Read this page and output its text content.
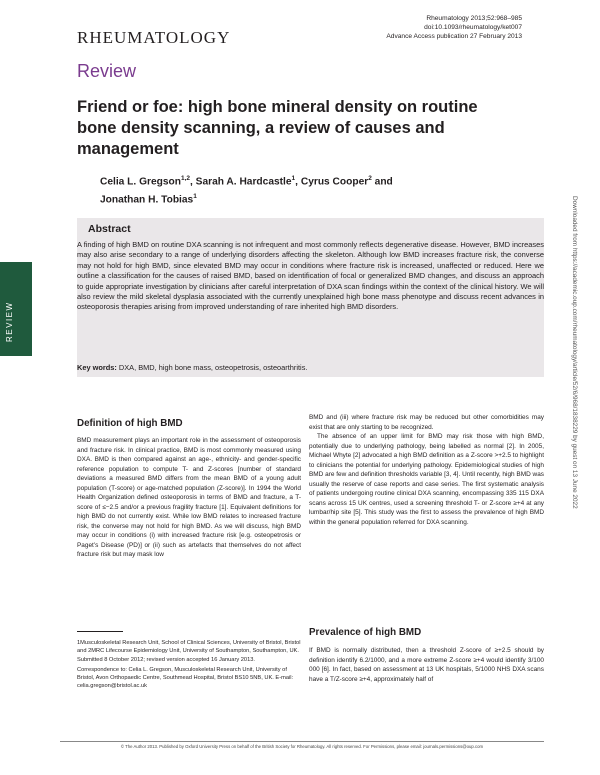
RHEUMATOLOGY
Rheumatology 2013;52:968–985
doi:10.1093/rheumatology/ket007
Advance Access publication 27 February 2013
Review
Friend or foe: high bone mineral density on routine bone density scanning, a review of causes and management
Celia L. Gregson$^{1,2}$, Sarah A. Hardcastle$^1$, Cyrus Cooper$^2$ and Jonathan H. Tobias$^1$
Abstract
A finding of high BMD on routine DXA scanning is not infrequent and most commonly reflects degenerative disease. However, BMD increases may also arise secondary to a range of underlying disorders affecting the skeleton. Although low BMD increases fracture risk, the converse may not hold for high BMD, since elevated BMD may occur in conditions where fracture risk is increased, unaffected or reduced. Here we outline a classification for the causes of raised BMD, based on identification of focal or generalized BMD changes, and discuss an approach to guide appropriate investigation by clinicians after careful interpretation of DXA scan findings within the context of the clinical history. We will also review the mild skeletal dysplasia associated with the currently unexplained high bone mass phenotype and discuss recent advances in osteoporosis therapies arising from improved understanding of rare inherited high BMD disorders.
Key words: DXA, BMD, high bone mass, osteopetrosis, osteoarthritis.
REVIEW	Downloaded from https://academic.oup.com/rheumatology/article/52/6/968/1838229 by guest on 13 June 2022
Definition of high BMD
BMD measurement plays an important role in the assessment of osteoporosis and fracture risk. In clinical practice, BMD is most commonly measured using DXA. BMD is then compared against an age-, ethnicity- and gender-specific reference population to compute T- and Z-scores [number of standard deviations a measured BMD differs from the mean BMD of a young adult population (T-score) or age-matched population (Z-score)]. In 1994 the World Health Organization defined osteoporosis in terms of BMD and fracture, a T-score of ≤−2.5 and/or a previous fragility fracture [1]. Equivalent definitions for high BMD do not currently exist. While low BMD relates to increased fracture risk, the converse may not hold for high BMD. As we will discuss, high BMD may occur in conditions (i) with increased fracture risk [e.g. osteopetrosis or Paget’s Disease (PD)] or (ii) such as artefacts that themselves do not affect fracture risk but may mask low

BMD and (iii) where fracture risk may be reduced but other comorbidities may exist that are only starting to be recognized.

The absence of an upper limit for BMD may risk those with high BMD, potentially due to underlying pathology, being labelled as normal [2]. In 2005, Michael Whyte [2] advocated a high BMD definition as a Z-score >+2.5 to highlight to clinicians the potential for underlying pathology. Epidemiological studies of high BMD are few and definition thresholds variable [3, 4]. Until recently, high BMD was usually the reserve of case reports and case series. The first systematic analysis of patients undergoing routine clinical DXA scanning, encompassing 335 115 DXA scans across 15 UK centres, used a screening threshold T- or Z-score ≥+4 at any lumbar/hip site [5]. This study was the first to assess the prevalence of high BMD within the general population referred for DXA scanning.

Prevalence of high BMD
If BMD is normally distributed, then a threshold Z-score of ≥+2.5 should by definition identify 6.2/1000, and a more extreme Z-score ≥+4 would identify 3/100 000 [6]. In fact, based on assessment at 13 UK hospitals, 5/1000 NHS DXA scans have a T/Z-score ≥+4, approximately half of

1Musculoskeletal Research Unit, School of Clinical Sciences, University of Bristol, Bristol and 2MRC Lifecourse Epidemiology Unit, University of Southampton, Southampton, UK.

Submitted 8 October 2012; revised version accepted 16 January 2013.

Correspondence to: Celia L. Gregson, Musculoskeletal Research Unit, University of Bristol, Avon Orthopaedic Centre, Southmead Hospital, Bristol BS10 5NB, UK. E-mail: celia.gregson@bristol.ac.uk

© The Author 2013. Published by Oxford University Press on behalf of the British Society for Rheumatology. All rights reserved. For Permissions, please email: journals.permissions@oup.com
